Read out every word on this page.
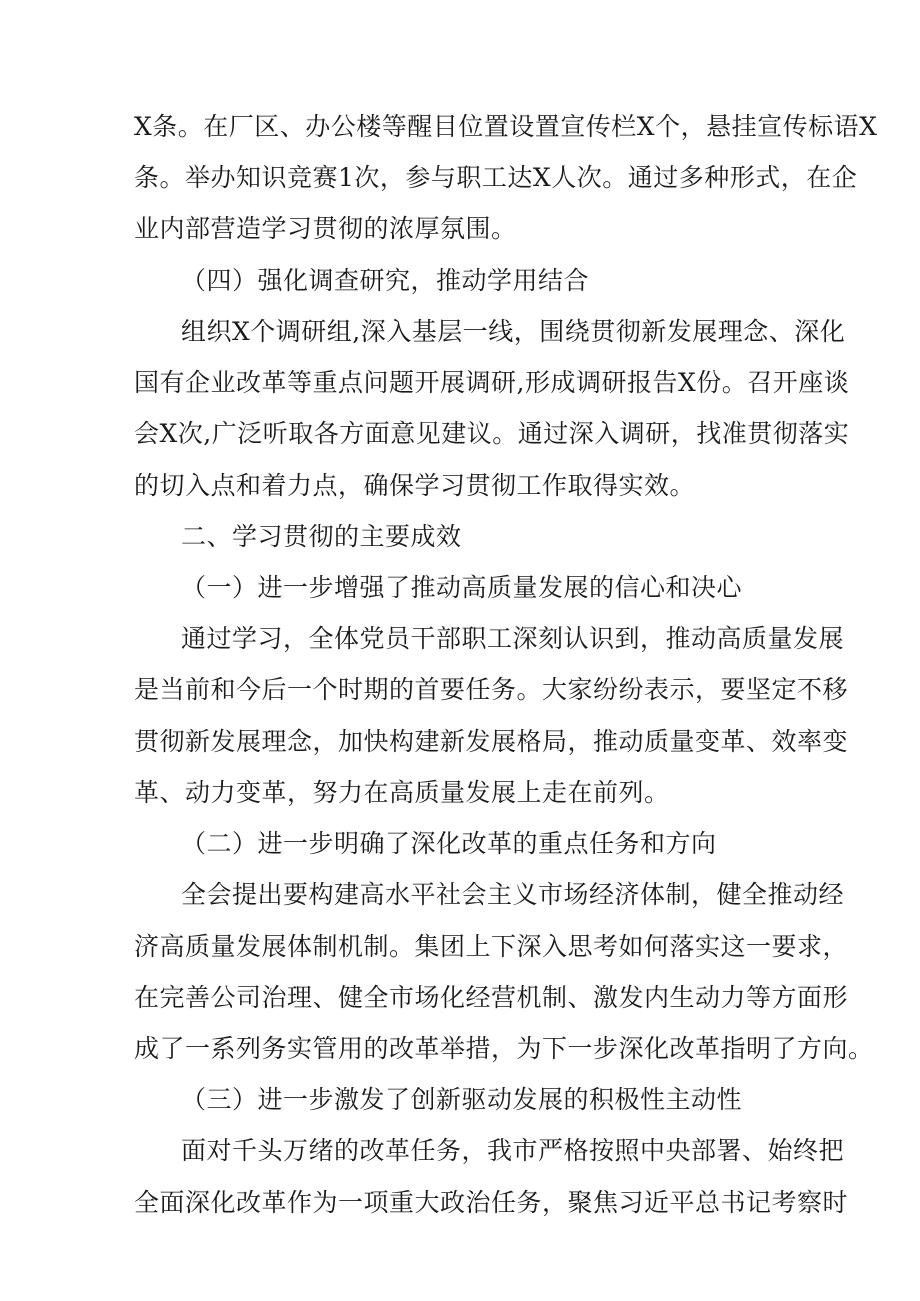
X条。在厂区、办公楼等醒目位置设置宣传栏X个，悬挂宣传标语X
条。举办知识竞赛1次，参与职工达X人次。通过多种形式，在企
业内部营造学习贯彻的浓厚氛围。
（四）强化调查研究，推动学用结合
组织X个调研组,深入基层一线，围绕贯彻新发展理念、深化
国有企业改革等重点问题开展调研,形成调研报告X份。召开座谈
会X次,广泛听取各方面意见建议。通过深入调研，找准贯彻落实
的切入点和着力点，确保学习贯彻工作取得实效。
二、学习贯彻的主要成效
（一）进一步增强了推动高质量发展的信心和决心
通过学习，全体党员干部职工深刻认识到，推动高质量发展
是当前和今后一个时期的首要任务。大家纷纷表示，要坚定不移
贯彻新发展理念，加快构建新发展格局，推动质量变革、效率变
革、动力变革，努力在高质量发展上走在前列。
（二）进一步明确了深化改革的重点任务和方向
全会提出要构建高水平社会主义市场经济体制，健全推动经
济高质量发展体制机制。集团上下深入思考如何落实这一要求，
在完善公司治理、健全市场化经营机制、激发内生动力等方面形
成了一系列务实管用的改革举措，为下一步深化改革指明了方向。
（三）进一步激发了创新驱动发展的积极性主动性
面对千头万绪的改革任务，我市严格按照中央部署、始终把
全面深化改革作为一项重大政治任务，聚焦习近平总书记考察时
